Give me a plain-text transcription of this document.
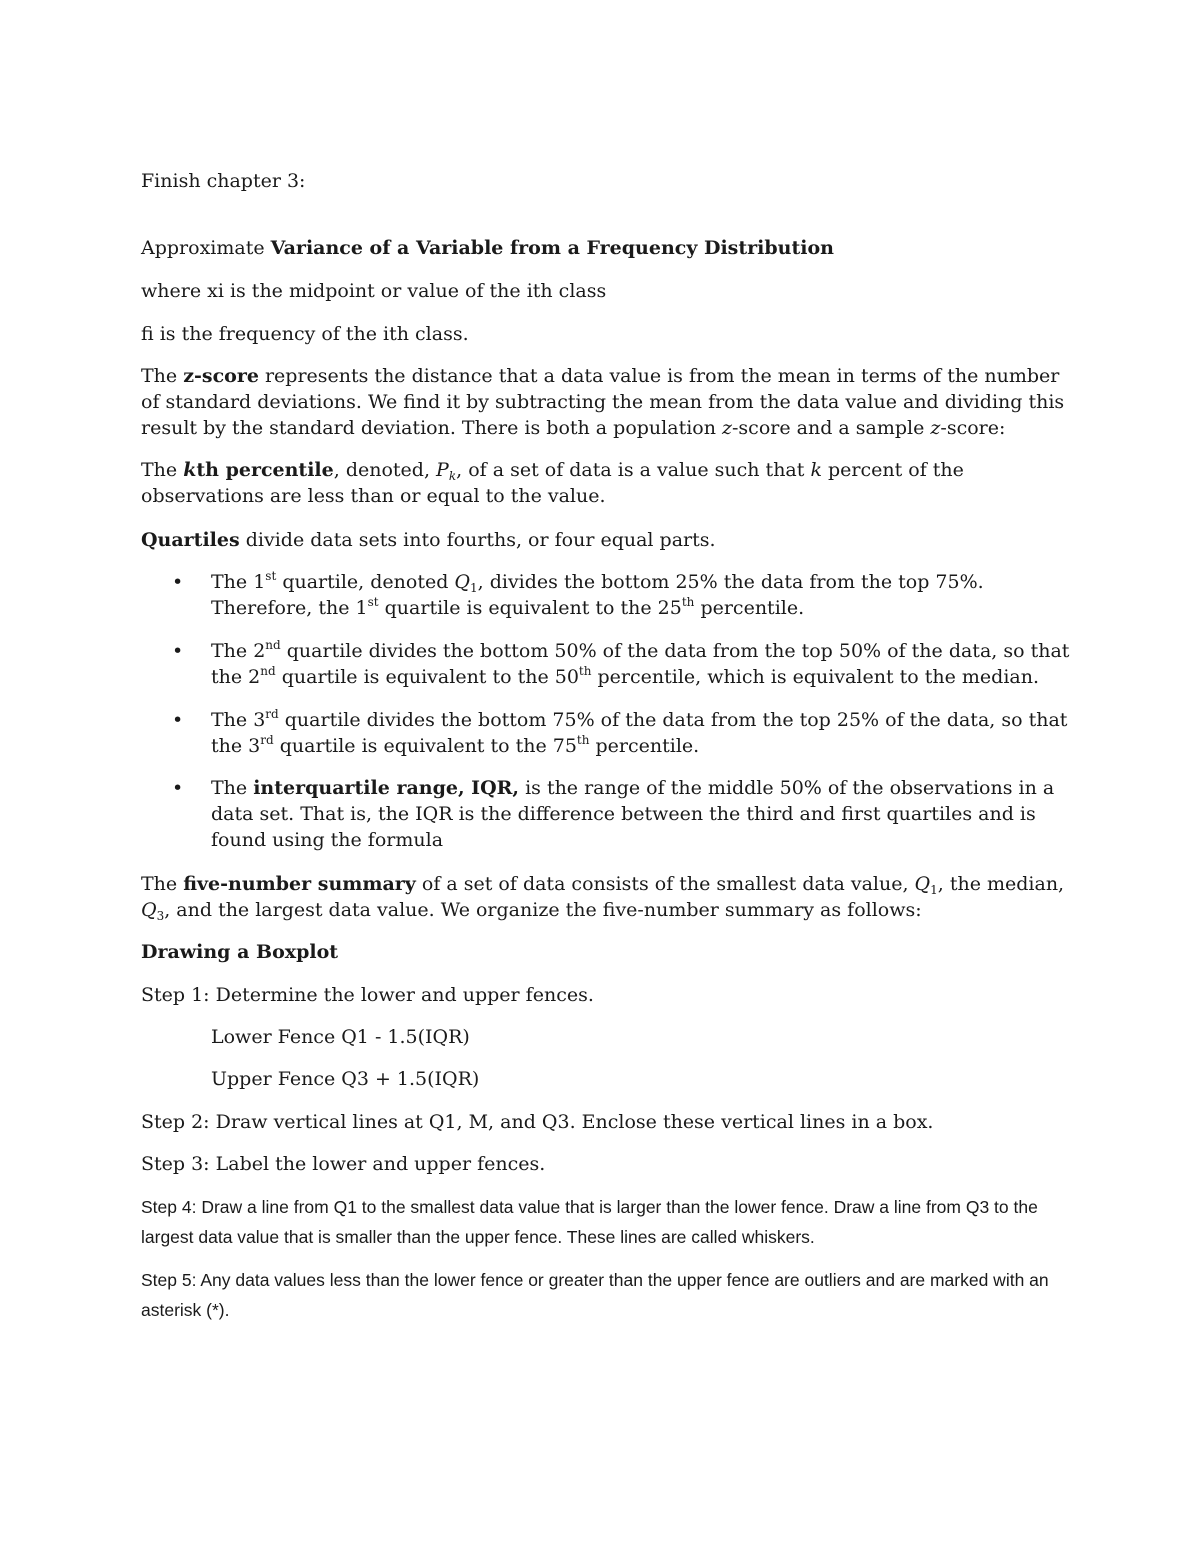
Finish chapter 3:

Approximate Variance of a Variable from a Frequency Distribution

where xi is the midpoint or value of the ith class

fi is the frequency of the ith class.

The z-score represents the distance that a data value is from the mean in terms of the number of standard deviations. We find it by subtracting the mean from the data value and dividing this result by the standard deviation. There is both a population z-score and a sample z-score:

The kth percentile, denoted, $P_k$, of a set of data is a value such that k percent of the observations are less than or equal to the value.

Quartiles divide data sets into fourths, or four equal parts.

• The 1st quartile, denoted $Q_1$, divides the bottom 25% the data from the top 75%.
Therefore, the 1st quartile is equivalent to the 25th percentile.

• The 2nd quartile divides the bottom 50% of the data from the top 50% of the data, so that
the 2nd quartile is equivalent to the 50th percentile, which is equivalent to the median.

• The 3rd quartile divides the bottom 75% of the data from the top 25% of the data, so that
the 3rd quartile is equivalent to the 75th percentile.

• The interquartile range, IQR, is the range of the middle 50% of the observations in a data set. That is, the IQR is the difference between the third and first quartiles and is found using the formula

The five-number summary of a set of data consists of the smallest data value, $Q_1$, the median, $Q_3$, and the largest data value. We organize the five-number summary as follows:

Drawing a Boxplot

Step 1: Determine the lower and upper fences.

Lower Fence Q1 - 1.5(IQR)

Upper Fence Q3 + 1.5(IQR)

Step 2: Draw vertical lines at Q1, M, and Q3. Enclose these vertical lines in a box.

Step 3: Label the lower and upper fences.

Step 4: Draw a line from Q1 to the smallest data value that is larger than the lower fence. Draw a line from Q3 to the largest data value that is smaller than the upper fence. These lines are called whiskers.

Step 5: Any data values less than the lower fence or greater than the upper fence are outliers and are marked with an asterisk (*).
